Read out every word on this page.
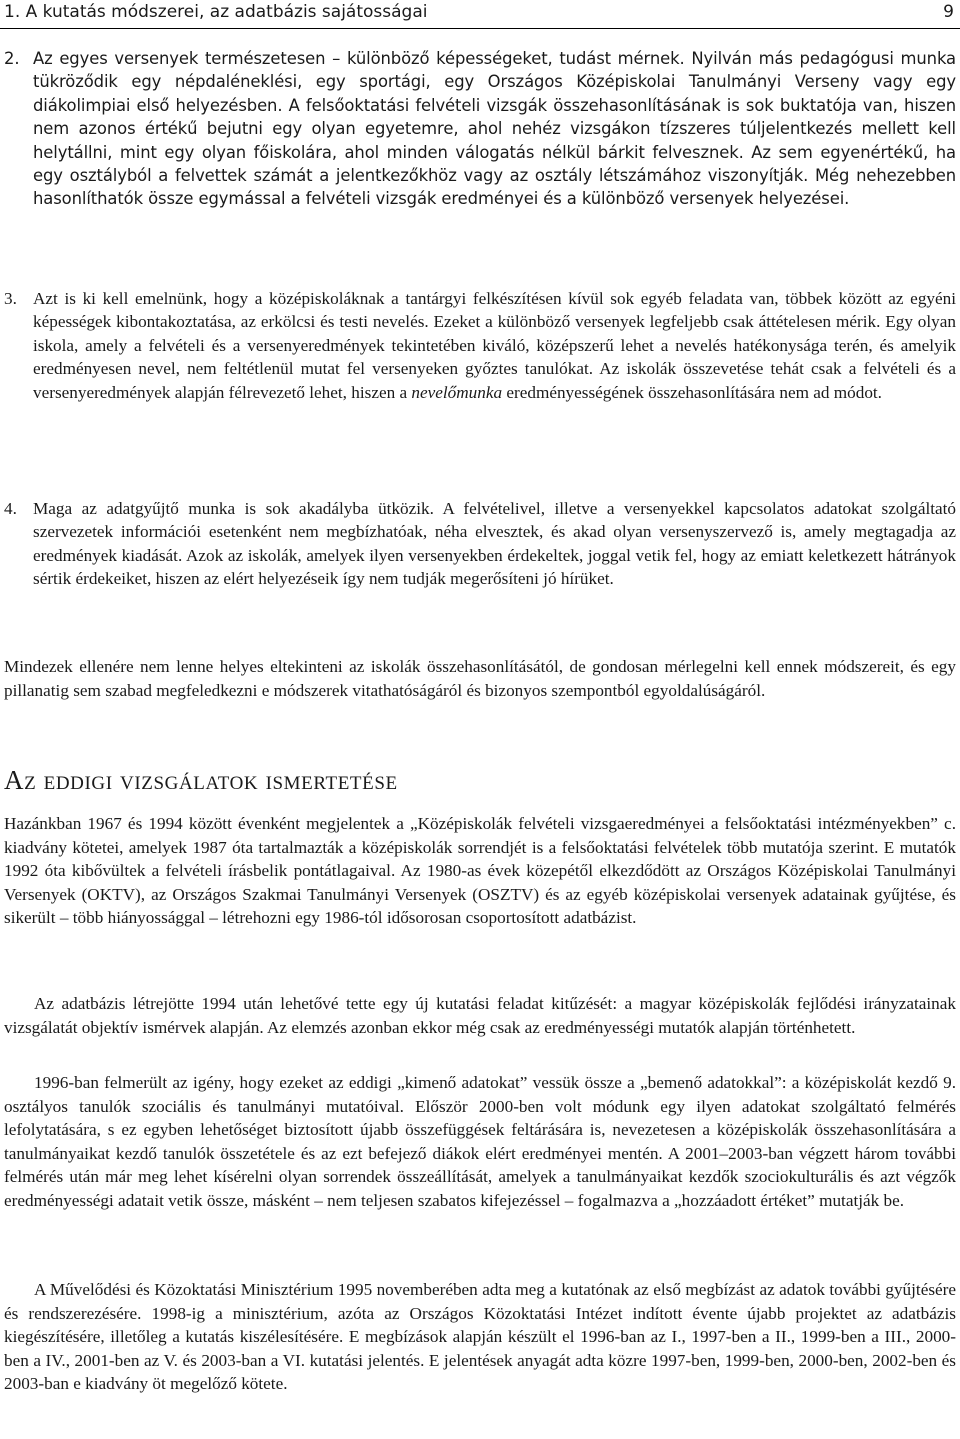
1. A kutatás módszerei, az adatbázis sajátosságai	9
2. Az egyes versenyek természetesen – különböző képességeket, tudást mérnek. Nyilván más pedagógusi munka tükröződik egy népdaléneklési, egy sportági, egy Országos Középiskolai Tanulmányi Verseny vagy egy diákolimpiai első helyezésben. A felsőoktatási felvételi vizsgák összehasonlításának is sok buktatója van, hiszen nem azonos értékű bejutni egy olyan egyetemre, ahol nehéz vizsgákon tízszeres túljelentkezés mellett kell helytállni, mint egy olyan főiskolára, ahol minden válogatás nélkül bárkit felvesznek. Az sem egyenértékű, ha egy osztályból a felvettek számát a jelentkezőkhöz vagy az osztály létszámához viszonyítják. Még nehezebben hasonlíthatók össze egymással a felvételi vizsgák eredményei és a különböző versenyek helyezései.
3. Azt is ki kell emelnünk, hogy a középiskoláknak a tantárgyi felkészítésen kívül sok egyéb feladata van, többek között az egyéni képességek kibontakoztatása, az erkölcsi és testi nevelés. Ezeket a különböző versenyek legfeljebb csak áttételesen mérik. Egy olyan iskola, amely a felvételi és a versenyeredmények tekintetében kiváló, középszerű lehet a nevelés hatékonysága terén, és amelyik eredményesen nevel, nem feltétlenül mutat fel versenyeken győztes tanulókat. Az iskolák összevetése tehát csak a felvételi és a versenyeredmények alapján félrevezető lehet, hiszen a nevelőmunka eredményességének összehasonlítására nem ad módot.
4. Maga az adatgyűjtő munka is sok akadályba ütközik. A felvételivel, illetve a versenyekkel kapcsolatos adatokat szolgáltató szervezetek információi esetenként nem megbízhatóak, néha elvesztek, és akad olyan versenyszervező is, amely megtagadja az eredmények kiadását. Azok az iskolák, amelyek ilyen versenyekben érdekeltek, joggal vetik fel, hogy az emiatt keletkezett hátrányok sértik érdekeiket, hiszen az elért helyezéseik így nem tudják megerősíteni jó hírüket.
Mindezek ellenére nem lenne helyes eltekinteni az iskolák összehasonlításától, de gondosan mérlegelni kell ennek módszereit, és egy pillanatig sem szabad megfeledkezni e módszerek vitathatóságáról és bizonyos szempontból egyoldalúságáról.
Az eddigi vizsgálatok ismertetése
Hazánkban 1967 és 1994 között évenként megjelentek a „Középiskolák felvételi vizsgaeredményei a felsőoktatási intézményekben” c. kiadvány kötetei, amelyek 1987 óta tartalmazták a középiskolák sorrendjét is a felsőoktatási felvételek több mutatója szerint. E mutatók 1992 óta kibővültek a felvételi írásbelik pontátlagaival. Az 1980-as évek közepétől elkezdődött az Országos Középiskolai Tanulmányi Versenyek (OKTV), az Országos Szakmai Tanulmányi Versenyek (OSZTV) és az egyéb középiskolai versenyek adatainak gyűjtése, és sikerült – több hiányossággal – létrehozni egy 1986-tól idősorosan csoportosított adatbázist.
Az adatbázis létrejötte 1994 után lehetővé tette egy új kutatási feladat kitűzését: a magyar középiskolák fejlődési irányzatainak vizsgálatát objektív ismérvek alapján. Az elemzés azonban ekkor még csak az eredményességi mutatók alapján történhetett.
1996-ban felmerült az igény, hogy ezeket az eddigi „kimenő adatokat” vessük össze a „bemenő adatokkal”: a középiskolát kezdő 9. osztályos tanulók szociális és tanulmányi mutatóival. Először 2000-ben volt módunk egy ilyen adatokat szolgáltató felmérés lefolytatására, s ez egyben lehetőséget biztosított újabb összefüggések feltárására is, nevezetesen a középiskolák összehasonlítására a tanulmányaikat kezdő tanulók összetétele és az ezt befejező diákok elért eredményei mentén. A 2001–2003-ban végzett három további felmérés után már meg lehet kísérelni olyan sorrendek összeállítását, amelyek a tanulmányaikat kezdők szociokulturális és azt végzők eredményességi adatait vetik össze, másként – nem teljesen szabatos kifejezéssel – fogalmazva a „hozzáadott értéket” mutatják be.
A Művelődési és Közoktatási Minisztérium 1995 novemberében adta meg a kutatónak az első megbízást az adatok további gyűjtésére és rendszerezésére. 1998-ig a minisztérium, azóta az Országos Közoktatási Intézet indított évente újabb projektet az adatbázis kiegészítésére, illetőleg a kutatás kiszélesítésére. E megbízások alapján készült el 1996-ban az I., 1997-ben a II., 1999-ben a III., 2000-ben a IV., 2001-ben az V. és 2003-ban a VI. kutatási jelentés. E jelentések anyagát adta közre 1997-ben, 1999-ben, 2000-ben, 2002-ben és 2003-ban e kiadvány öt megelőző kötete.
